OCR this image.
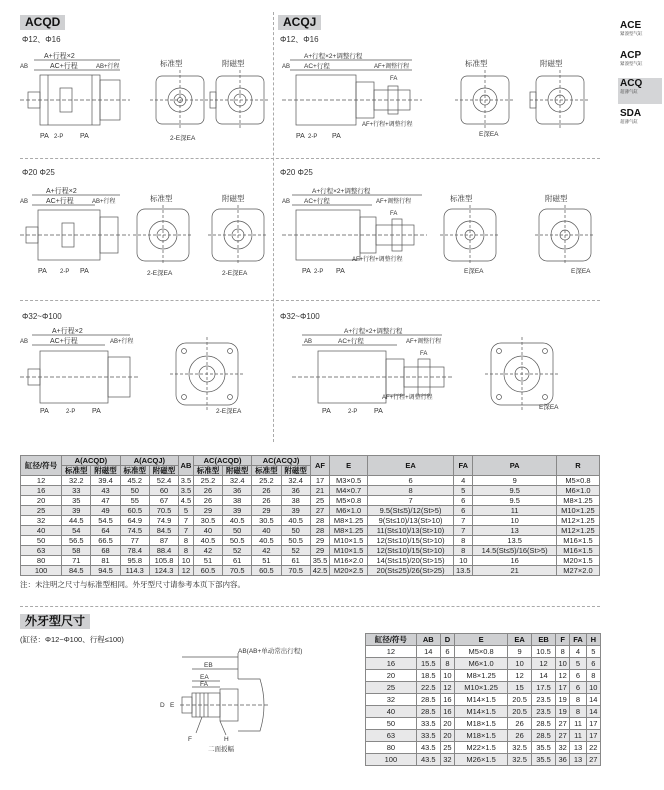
ACQD	ACQJ
Φ12、Φ16	Φ12、Φ16
Φ20 Φ25	Φ20 Φ25
Φ32~Φ100	Φ32~Φ100
ACE
紧凑型气缸
ACP
紧凑型气缸
ACQ
超薄气缸
SDA
超薄气缸
A+行程×2
AC+行程	AB+行程
AB
PA 2-P PA
标准型	附磁型
2-E深EA
A+行程×2+调整行程
AC+行程	AF+调整行程
AB
FA
PA 2-P PA
AF+行程+调整行程
标准型	附磁型
E深EA
A+行程×2
AC+行程	AB+行程
AB
PA 2-P PA
标准型	附磁型
2-E深EA	2-E深EA
A+行程×2+调整行程
AC+行程	AF+调整行程
AB
FA
PA 2-P PA
AF+行程+调整行程
标准型	附磁型
E深EA	E深EA
A+行程×2
AC+行程	AB+行程
AB
PA	2-P PA	2-E深EA
A+行程×2+调整行程
AC+行程	AF+调整行程
AB
FA
PA	2-P PA
AF+行程+调整行程
E深EA
缸径/符号	A(ACQD)		A(ACQJ)		AB	AC(ACQD)		AC(ACQJ)		AF	E	EA	FA	PA	R
	标准型	附磁型	标准型	附磁型		标准型	附磁型	标准型	附磁型						
12	32.2	39.4	45.2	52.4	3.5	25.2	32.4	25.2	32.4	17	M3×0.5	6	4	9	M5×0.8
16	33	43	50	60	3.5	26	36	26	36	21	M4×0.7	8	5	9.5	M6×1.0
20	35	47	55	67	4.5	26	38	26	38	25	M5×0.8	7	6	9.5	M8×1.25
25	39	49	60.5	70.5	5	29	39	29	39	27	M6×1.0	9.5(St≤5)/12(St>5)	6	11	M10×1.25
32	44.5	54.5	64.9	74.9	7	30.5	40.5	30.5	40.5	28	M8×1.25	9(St≤10)/13(St>10)	7	10	M12×1.25
40	54	64	74.5	84.5	7	40	50	40	50	28	M8×1.25	11(St≤10)/13(St>10)	7	13	M12×1.25
50	56.5	66.5	77	87	8	40.5	50.5	40.5	50.5	29	M10×1.5	12(St≤10)/15(St>10)	8	13.5	M16×1.5
63	58	68	78.4	88.4	8	42	52	42	52	29	M10×1.5	12(St≤10)/15(St>10)	8	14.5(St≤5)/16(St>5)	M16×1.5
80	71	81	95.8	105.8	10	51	61	51	61	35.5	M16×2.0	14(St≤15)/20(St>15)	10	16	M20×1.5
100	84.5	94.5	114.3	124.3	12	60.5	70.5	60.5	70.5	42.5	M20×2.5	20(St≤25)/26(St>25)	13.5	21	M27×2.0
注：未注明之尺寸与标准型相同。外牙型尺寸请参考本页下部内容。
外牙型尺寸
(缸径：Φ12~Φ100、行程≤100)
AB(AB+单动常出行程)
EB
EA
FA
D E
F	H
二面扳幅
缸径/符号	AB	D	E	EA	EB	F	FA	H
12	14	6	M5×0.8	9	10.5	8	4	5
16	15.5	8	M6×1.0	10	12	10	5	6
20	18.5	10	M8×1.25	12	14	12	6	8
25	22.5	12	M10×1.25	15	17.5	17	6	10
32	28.5	16	M14×1.5	20.5	23.5	19	8	14
40	28.5	16	M14×1.5	20.5	23.5	19	8	14
50	33.5	20	M18×1.5	26	28.5	27	11	17
63	33.5	20	M18×1.5	26	28.5	27	11	17
80	43.5	25	M22×1.5	32.5	35.5	32	13	22
100	43.5	32	M26×1.5	32.5	35.5	36	13	27
